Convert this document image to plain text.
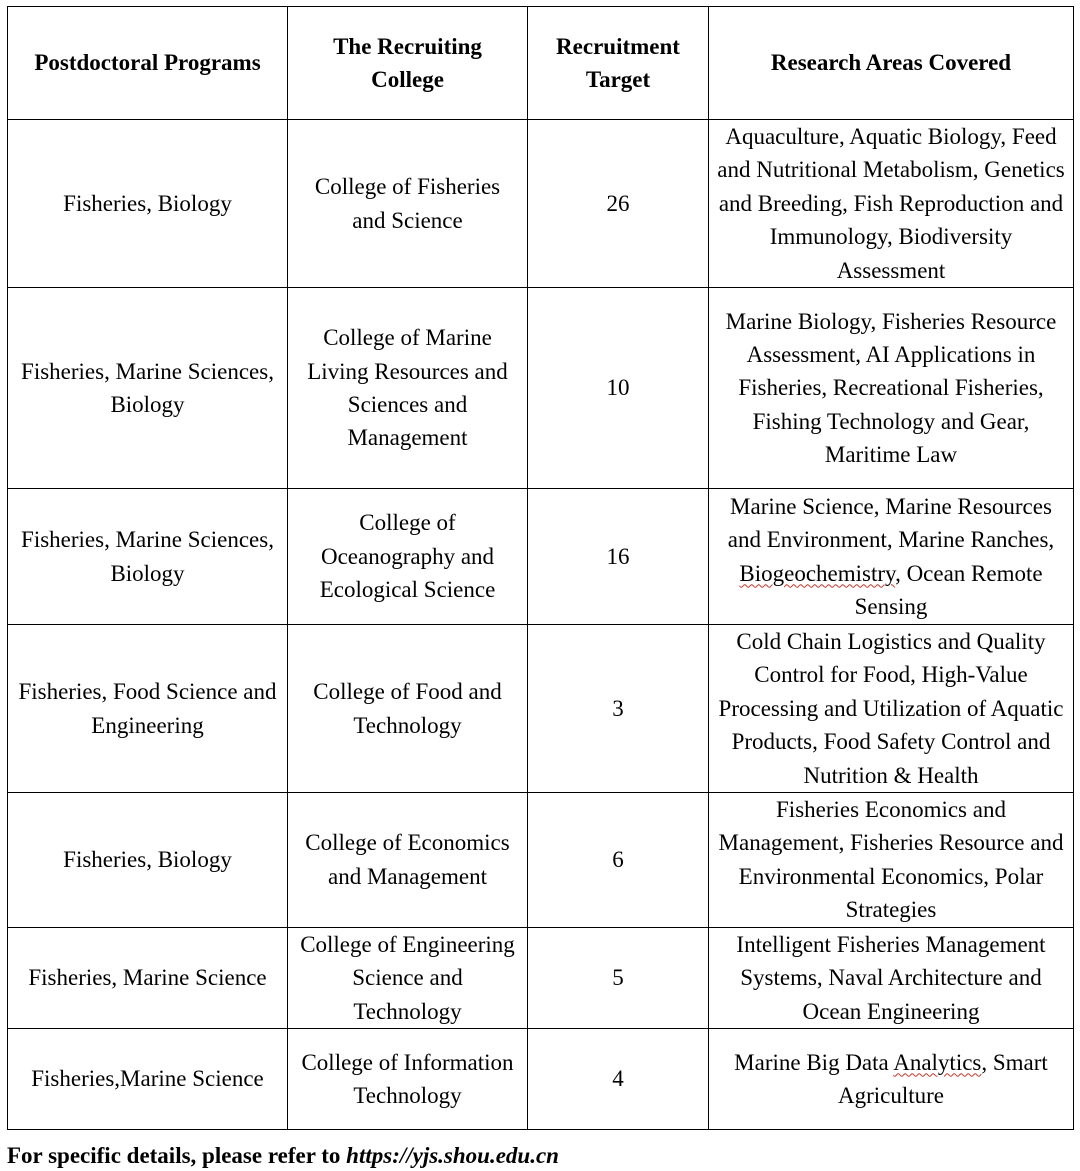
Postdoctoral Programs	The Recruiting College	Recruitment Target	Research Areas Covered
Fisheries, Biology	College of Fisheries and Science	26	Aquaculture, Aquatic Biology, Feed and Nutritional Metabolism, Genetics and Breeding, Fish Reproduction and Immunology, Biodiversity Assessment
Fisheries, Marine Sciences, Biology	College of Marine Living Resources and Sciences and Management	10	Marine Biology, Fisheries Resource Assessment, AI Applications in Fisheries, Recreational Fisheries, Fishing Technology and Gear, Maritime Law
Fisheries, Marine Sciences, Biology	College of Oceanography and Ecological Science	16	Marine Science, Marine Resources and Environment, Marine Ranches, Biogeochemistry, Ocean Remote Sensing
Fisheries, Food Science and Engineering	College of Food and Technology	3	Cold Chain Logistics and Quality Control for Food, High-Value Processing and Utilization of Aquatic Products, Food Safety Control and Nutrition & Health
Fisheries, Biology	College of Economics and Management	6	Fisheries Economics and Management, Fisheries Resource and Environmental Economics, Polar Strategies
Fisheries, Marine Science	College of Engineering Science and Technology	5	Intelligent Fisheries Management Systems, Naval Architecture and Ocean Engineering
Fisheries,Marine Science	College of Information Technology	4	Marine Big Data Analytics, Smart Agriculture
For specific details, please refer to https://yjs.shou.edu.cn
